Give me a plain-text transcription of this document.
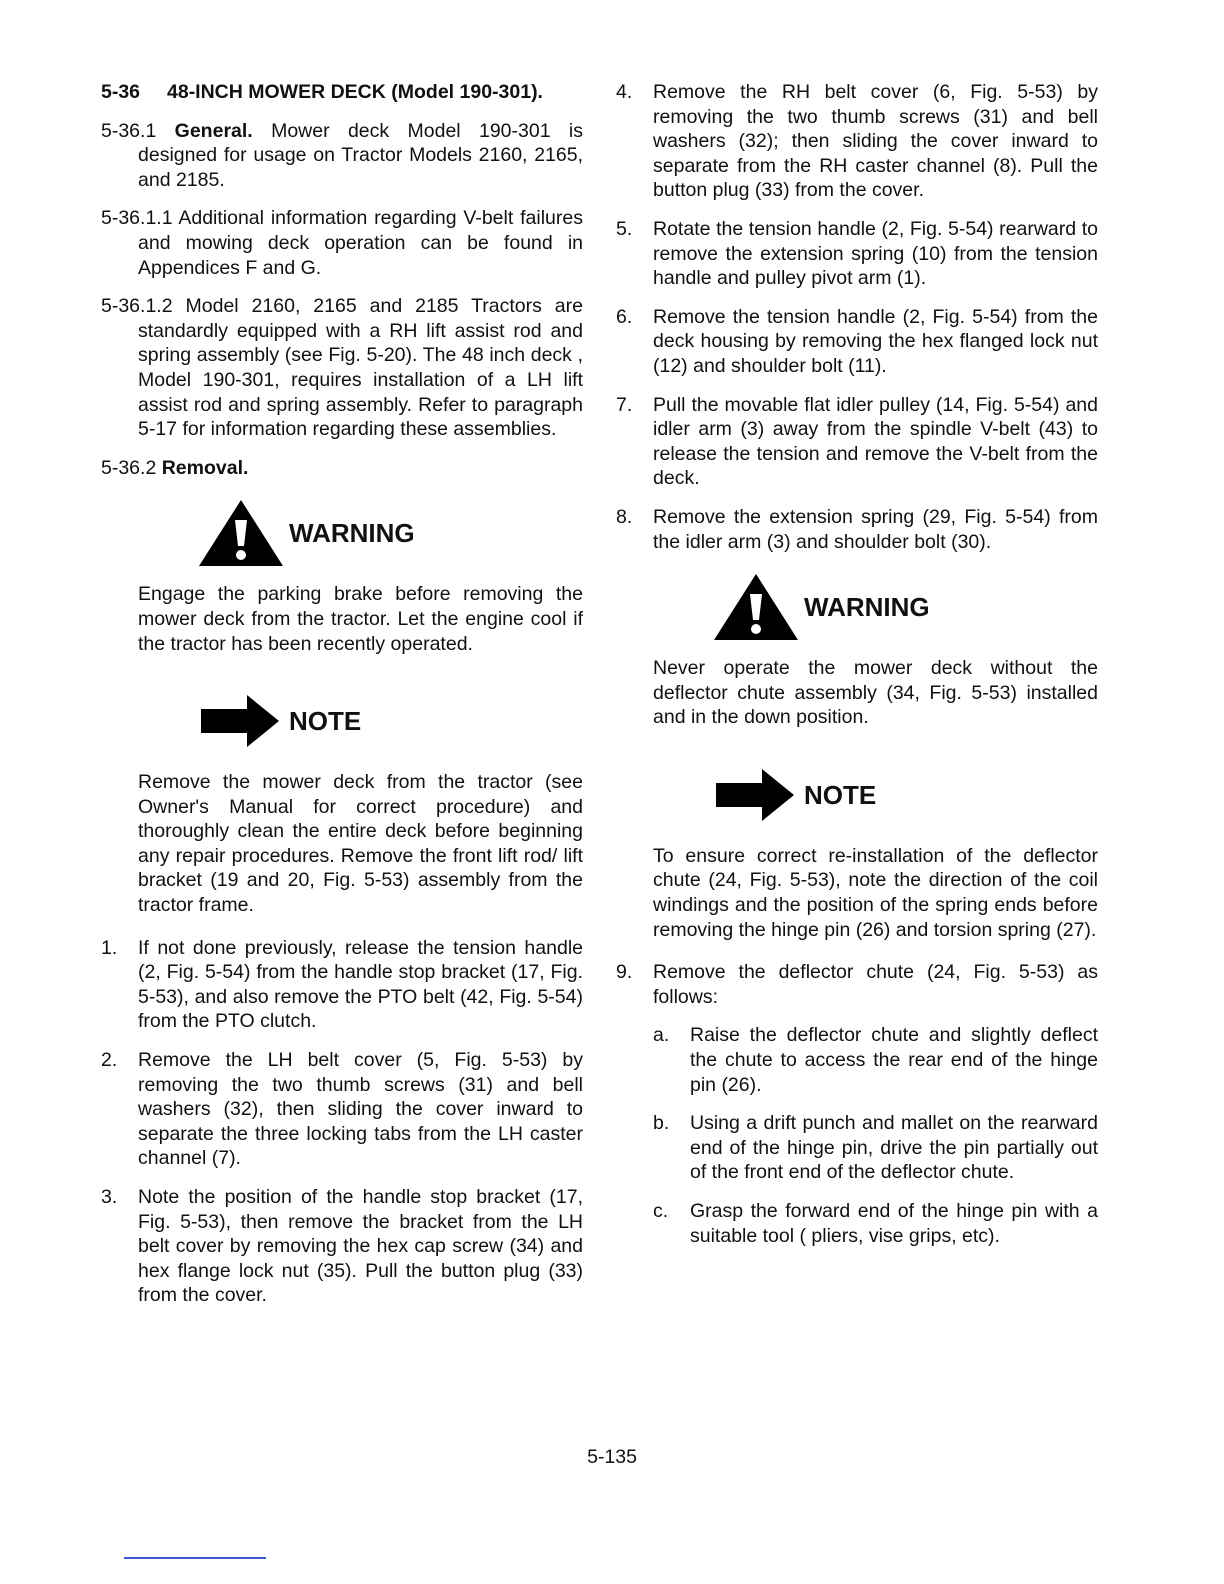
5-36 48-INCH MOWER DECK (Model 190-301).
5-36.1 General. Mower deck Model 190-301 is designed for usage on Tractor Models 2160, 2165, and 2185.
5-36.1.1 Additional information regarding V-belt failures and mowing deck operation can be found in Appendices F and G.
5-36.1.2 Model 2160, 2165 and 2185 Tractors are standardly equipped with a RH lift assist rod and spring assembly (see Fig. 5-20). The 48 inch deck , Model 190-301, requires installation of a LH lift assist rod and spring assembly. Refer to paragraph 5-17 for information regarding these assemblies.
5-36.2 Removal.
WARNING
Engage the parking brake before removing the mower deck from the tractor. Let the engine cool if the tractor has been recently operated.
NOTE
Remove the mower deck from the tractor (see Owner's Manual for correct procedure) and thoroughly clean the entire deck before beginning any repair procedures. Remove the front lift rod/ lift bracket (19 and 20, Fig. 5-53) assembly from the tractor frame.
1. If not done previously, release the tension handle (2, Fig. 5-54) from the handle stop bracket (17, Fig. 5-53), and also remove the PTO belt (42, Fig. 5-54) from the PTO clutch.
2. Remove the LH belt cover (5, Fig. 5-53) by removing the two thumb screws (31) and bell washers (32), then sliding the cover inward to separate the three locking tabs from the LH caster channel (7).
3. Note the position of the handle stop bracket (17, Fig. 5-53), then remove the bracket from the LH belt cover by removing the hex cap screw (34) and hex flange lock nut (35). Pull the button plug (33) from the cover.
4. Remove the RH belt cover (6, Fig. 5-53) by removing the two thumb screws (31) and bell washers (32); then sliding the cover inward to separate from the RH caster channel (8). Pull the button plug (33) from the cover.
5. Rotate the tension handle (2, Fig. 5-54) rearward to remove the extension spring (10) from the tension handle and pulley pivot arm (1).
6. Remove the tension handle (2, Fig. 5-54) from the deck housing by removing the hex flanged lock nut (12) and shoulder bolt (11).
7. Pull the movable flat idler pulley (14, Fig. 5-54) and idler arm (3) away from the spindle V-belt (43) to release the tension and remove the V-belt from the deck.
8. Remove the extension spring (29, Fig. 5-54) from the idler arm (3) and shoulder bolt (30).
WARNING
Never operate the mower deck without the deflector chute assembly (34, Fig. 5-53) installed and in the down position.
NOTE
To ensure correct re-installation of the deflector chute (24, Fig. 5-53), note the direction of the coil windings and the position of the spring ends before removing the hinge pin (26) and torsion spring (27).
9. Remove the deflector chute (24, Fig. 5-53) as follows:
a. Raise the deflector chute and slightly deflect the chute to access the rear end of the hinge pin (26).
b. Using a drift punch and mallet on the rearward end of the hinge pin, drive the pin partially out of the front end of the deflector chute.
c. Grasp the forward end of the hinge pin with a suitable tool ( pliers, vise grips, etc).
5-135
